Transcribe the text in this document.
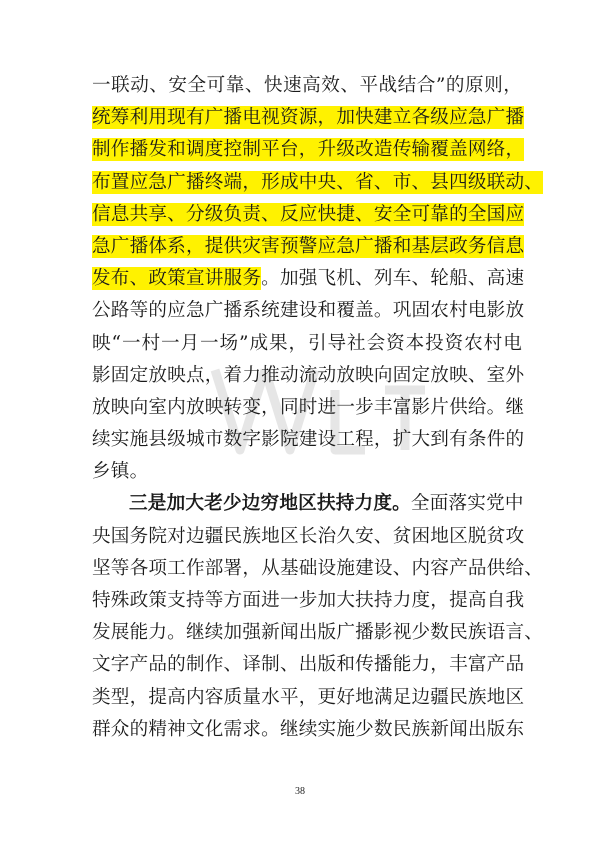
一联动、安全可靠、快速高效、平战结合”的原则，
统筹利用现有广播电视资源，加快建立各级应急广播
制作播发和调度控制平台，升级改造传输覆盖网络，
布置应急广播终端，形成中央、省、市、县四级联动、
信息共享、分级负责、反应快捷、安全可靠的全国应
急广播体系，提供灾害预警应急广播和基层政务信息
发布、政策宣讲服务。加强飞机、列车、轮船、高速
公路等的应急广播系统建设和覆盖。巩固农村电影放
映“一村一月一场”成果，引导社会资本投资农村电
影固定放映点，着力推动流动放映向固定放映、室外
放映向室内放映转变，同时进一步丰富影片供给。继
续实施县级城市数字影院建设工程，扩大到有条件的
乡镇。
三是加大老少边穷地区扶持力度。全面落实党中
央国务院对边疆民族地区长治久安、贫困地区脱贫攻
坚等各项工作部署，从基础设施建设、内容产品供给、
特殊政策支持等方面进一步加大扶持力度，提高自我
发展能力。继续加强新闻出版广播影视少数民族语言、
文字产品的制作、译制、出版和传播能力，丰富产品
类型，提高内容质量水平，更好地满足边疆民族地区
群众的精神文化需求。继续实施少数民族新闻出版东
38
